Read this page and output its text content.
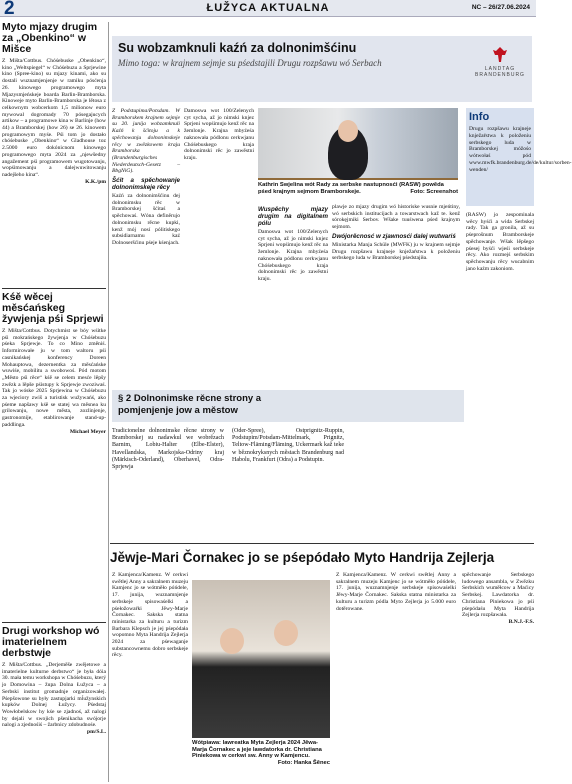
2	ŁUŽYCA AKTUALNA	NC – 26/27.06.2024
Myto mjazy drugim za „Obenkino“ w Mišce
Z Mišta/Cottbus. Chóśebuske „Obenkino“, kino „Weltspiegel“ w Chóśebuzu a Sprjewine kino (Spree-kino) su mjazy kinami, ako su dostali wuznamjenjenje w ramiku pósćenja 26. kinowego programowego myta Mjazysmjeńskeje boarda Barlin-Bramborska. Kinoweje myto Barlin-Bramborska je lětosa z celkownym wobcerkom 1,5 milionow euro mywowal dogromady 70 pósegajucych artikow – a programowe kina w Barlinje (how 44) a Bramborskej (how 26) se 26. kinowem programowym myśe. Pśi tom jo dostało chóśebuske „Obenkino“ w Gladhouse toz 2.5000 euro dokónicnom kinowego programowego myta 2024 za „njewšedny angažement pśi programowem wugotowanju, wopśimowanju a dalejwuwitowanju nadejšeho kina“.
K.K./pm
Kśě wěcej měsćańskeg žywjenja pśi Sprjewi
Z Mišta/Cottbus. Dotychmist se bóy wśitke pśi mokrańskego žywjenja w Chóśebuzu pśeka Sprjewje. To co Mino změniś. Informirowałe ju w tom waltoru pśi casnikańskej konferency Doreen Mohauptowa, dezernentka za měsćańske wuwiśe, mobilitu a swobowoś. Pód motom „Město pśi rěce“ kśě se celem mesće lěpšy zwězk a lěpše pśistupy k Sprjewje zwoziwaś. Tak jo wóske 2025 Sprjewina w Chóśebuzu za wjeciory zwiš a turistisk wužywańś, ako pśeme napšawy kśě se statej wa měsnea ku grilowanju, nowe města, zozlinjenje, gastronomije, etablirowanje stand-up-paddlinga.
Michael Meyer
Drugi workshop wó imaterielnem derbstwje
Z Mišta/Cottbus. „Derjeměše zwějetowe a imaterielne kulturne derbstwo“ je była dóia 30. mała temu workshopa w Chóśebuzu, který jo Domowina – župa Dolna Łužyca – a Serbski institut gromadnje organizowałej. Pśepšowone su były zastupjarki mĺužynskich kupków Dolnej Łužycy. Pśedstaj Wowłobelskow hy kśe se zjadnoś, až nalogi by dejali w swojich pšenikacha swójorje nalogi a zjednośiś – žarbnicy zdobudnośe.
pm/S.L.
Su wobzamknuli kaźń za dolnonimšćinu
Mimo toga: w krajnem sejmje su pśedstajili Drugu rozpšawu wó Serbach
LANDTAG BRANDENBURG
Z Podstupima/Potsdam. W Bramborskem krajnem sejmje su 20. junija wobzamknuli Kaźń k šćitoju a k spěchowanju dolnonimskeje rěcy w zwězkowem kraju Bramborska (Brandenburgisches Niederdeutsch-Gesetz – BbgNiG).
Šćit a spěchowanje dolnonimskeje rěcy
Kaźń za dolnonimšćinu dej dolnonimsku rěc w Bramborskej šćitaś a spěchowaś. Wóna definěrujo dolnonimsku rěcne kupki, kenž mój nosí pólitiskego subsidiarnamu kaź Dolnoseršćinu pśeje kśenjach.
Damoswa wot 100/Zelenych cyt sycha, až jo nimski knjez Sprjeni wopśimujo kenž rěc na žemlonje. Krajna mbyźeśa naknowała pódlonu cerkwjanu Chóśebuskego kraja dolnonimski rěc jo zawěstni kraju.
Kathrin Swjelina wót Rady za serbske nastupnosći (RASW) powěda pśed krajnym sejmom Bramborskeje.	Foto: Screenshot
Wuspěchy mjazy drugim na digitalnem pólu
Damoswa wot 100/Zelenych cyt sycha, až jo nimski knjez Sprjeni wopśimujo kenž rěc na žemlonje. Krajna mbyźeśa naknowała pódlonu cerkwjanu Chóśebuskego kraja dolnonimski rěc jo zawěstni kraju.
plawje zo mjazy drugim wó historiske wusnie mjeńtiny, wó serbskich institucijach a towarstwach kaž te. kenž sórokęjmiki Serbov. Wšake tuuśwena pśed krajnym sejmom.
Dwójorěcnosć w zjawnosći dalej wutwariś
Ministarka Manja Schüle (MWFK) ju w krajnem sejmje Drugu rozpšawu krajneje knježaŕstwa k položeniu serbskego luda w Bramborskej pśedstajiła.
Info

Drugu rozpšawu krajneje knježaŕstwa k položeniu serbskego luda w Bramborskej móžośo wótwołaś pód www.mwfk.brandenburg.de/de/kultur/sorben-wenden/

(RASW) jo zespominala wěcy hyśći a wida Serbskej rady. Tak ga gronila, až su pśeprošnum Bramborskeje spěchowanje. Wšak lěpšego pśesej byśći wjeśi serbskeje rěcy. Ako rozmejś serbskim spěchowanju rěcy wucabnim jano kaźm zakoniom.
§ 2 Dolnonimske rěcne strony a
pomjenjenje jow a městow
Tradicionelne dolnonimske rěcne strony w Bramborskej su nadawkul we wobrězach Barnim, Lobiu-Halter (Elbe-Elster), Havellandska, Markojska-Odriny kraj (Märkisch-Oderland), Oberhavel, Odra-Sprjewja
(Oder-Spree), Ostprignitz-Ruppin, Podstupim/Potsdam-Mittelmark, Prignitz, Teltow-Fläming/Fläming, Uckermark kaž teke w běznokryksnych městach Brandenburg nad Habolu, Frankfurt (Odra) a Podstupin.
Jěwje-Mari Čornakec jo se pśepódało Myto Handrija Zejlerja
Z Kamjenca/Kamenz. W cerkwi swětlej Anny a sakralnem muzeju Kamjenc jo se wótměło póńdele, 17. junija, wuznamnjenje serbskeje spisowaśelki a pśełožowaŕki Jěwy-Marje Čornakec. Sakska statna ministarka za kulturu a turizm Barbara Klepsch je jej pśepódała wopomno Myta Handrija Zejlerja 2024 za pśewaganje substancownemu dobro serbskeje rěcy.
Wótpiawa: lawreatka Myta Zejlerja 2024 Jěwa-Marja Čornakec a jeje lawdatorka dr. Christiana Piniekowa w cerkwi sw. Anny w Kamjencu.
Foto: Hanka Šěnec
Z Kamjenca/Kamenz. W cerkwi swětlej Anny a sakralnem muzeju Kamjenc jo se wótměło póńdele, 17. junija, wuznamnjenje serbskeje spisowaśelki Jěwy-Marje Čornakec. Sakska statna ministarka za kulturu a turizm pódla Myto Zejlerja jo 5.000 euro dotěrowane.
spěchowanje Serbskego ludowego ansambla, w Zwězku Serbskich wuměłcow a Maćicy Serbskej. Lawdatorka dr. Christiana Piniekowa jo pśi pśepódaśu Myta Handrija Zejlerja rozpšawała.
B.N.J.-F.S.
